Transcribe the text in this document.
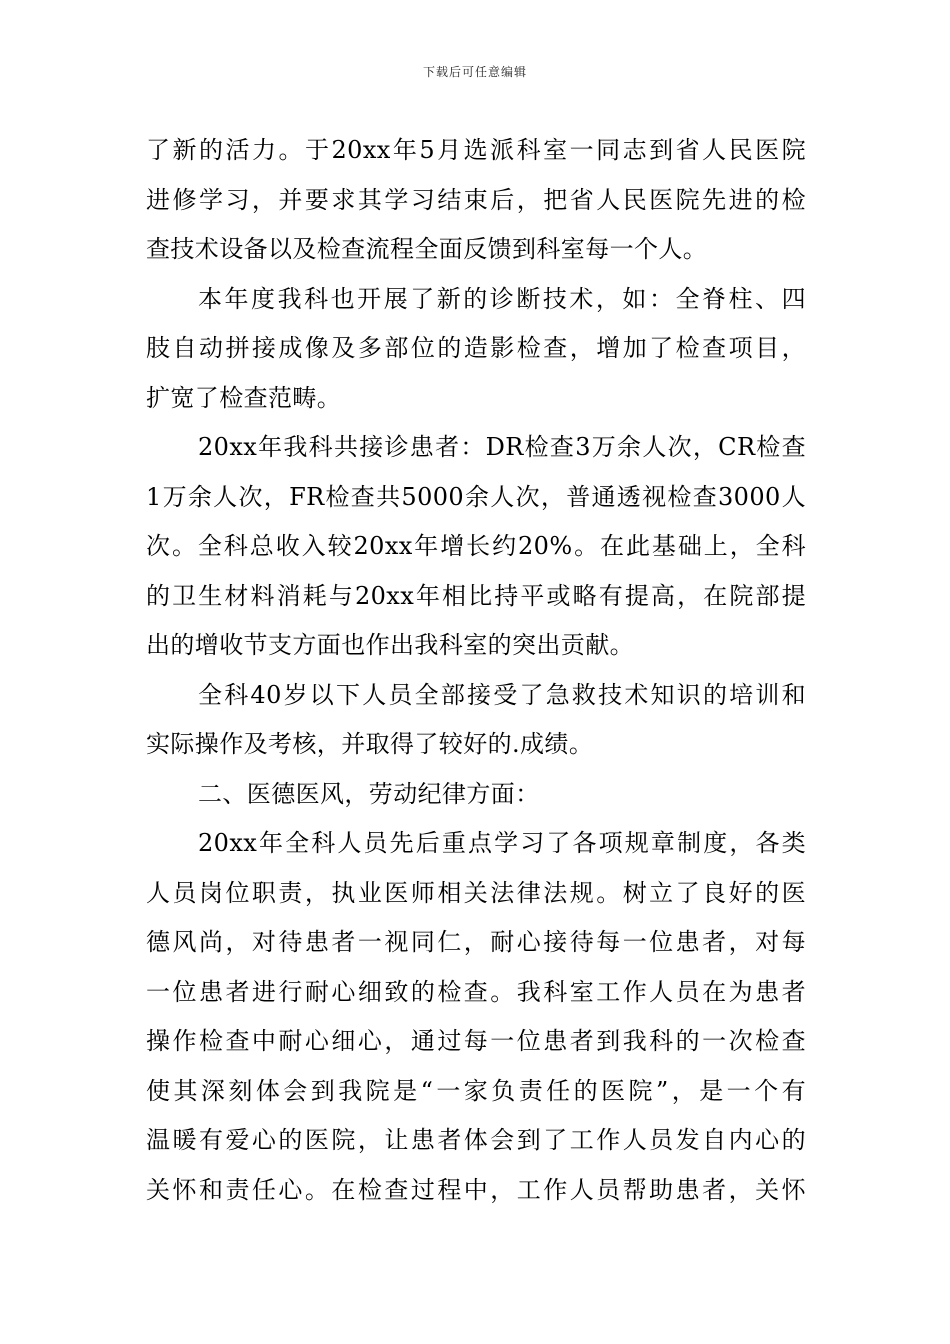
下载后可任意编辑
了新的活力。于20xx年5月选派科室一同志到省人民医院
进修学习，并要求其学习结束后，把省人民医院先进的检
查技术设备以及检查流程全面反馈到科室每一个人。
本年度我科也开展了新的诊断技术，如：全脊柱、四
肢自动拼接成像及多部位的造影检查，增加了检查项目，
扩宽了检查范畴。
20xx年我科共接诊患者：DR检查3万余人次，CR检查
1万余人次，FR检查共5000余人次，普通透视检查3000人
次。全科总收入较20xx年增长约20%。在此基础上，全科
的卫生材料消耗与20xx年相比持平或略有提高，在院部提
出的增收节支方面也作出我科室的突出贡献。
全科40岁以下人员全部接受了急救技术知识的培训和
实际操作及考核，并取得了较好的.成绩。
二、医德医风，劳动纪律方面：
20xx年全科人员先后重点学习了各项规章制度，各类
人员岗位职责，执业医师相关法律法规。树立了良好的医
德风尚，对待患者一视同仁，耐心接待每一位患者，对每
一位患者进行耐心细致的检查。我科室工作人员在为患者
操作检查中耐心细心，通过每一位患者到我科的一次检查
使其深刻体会到我院是“一家负责任的医院”，是一个有
温暖有爱心的医院，让患者体会到了工作人员发自内心的
关怀和责任心。在检查过程中，工作人员帮助患者，关怀
